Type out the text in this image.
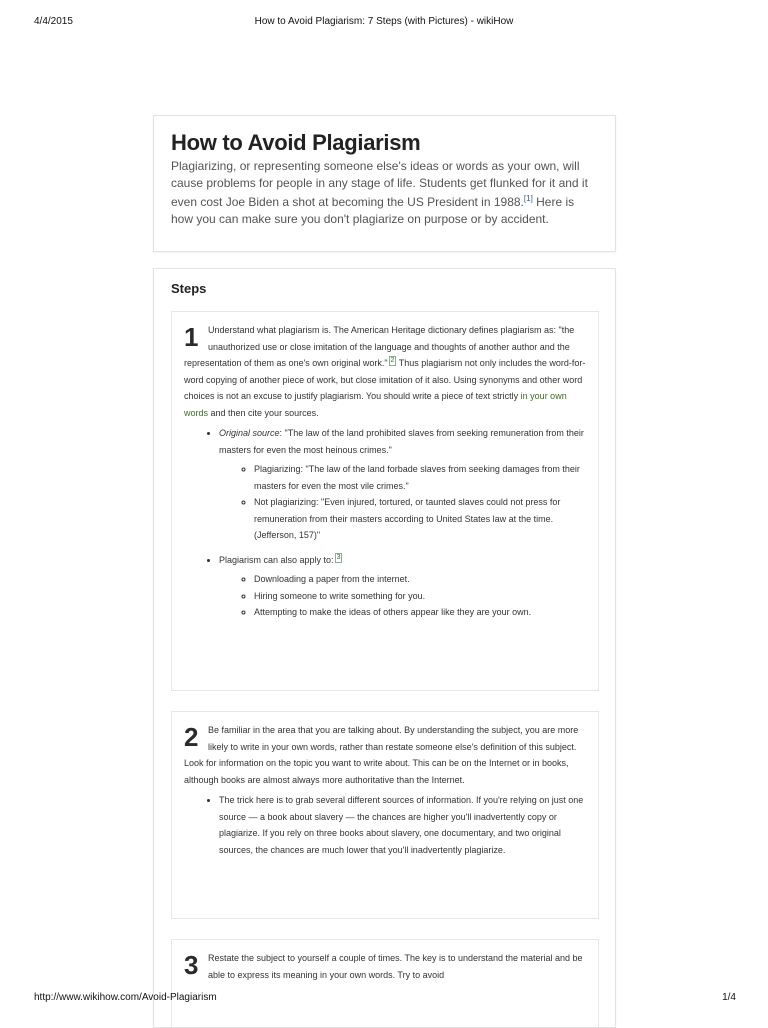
4/4/2015	How to Avoid Plagiarism: 7 Steps (with Pictures) - wikiHow
How to Avoid Plagiarism

Plagiarizing, or representing someone else's ideas or words as your own, will cause problems for people in any stage of life. Students get flunked for it and it even cost Joe Biden a shot at becoming the US President in 1988.[1] Here is how you can make sure you don't plagiarize on purpose or by accident.

Steps
1	Understand what plagiarism is. The American Heritage dictionary defines plagiarism as: "the unauthorized use or close imitation of the language and thoughts of another author and the representation of them as one's own original work." 2 Thus plagiarism not only includes the word-for-word copying of another piece of work, but close imitation of it also. Using synonyms and other word choices is not an excuse to justify plagiarism. You should write a piece of text strictly in your own words and then cite your sources.

• Original source: "The law of the land prohibited slaves from seeking remuneration from their masters for even the most heinous crimes."
◦ Plagiarizing: "The law of the land forbade slaves from seeking damages from their masters for even the most vile crimes."
◦ Not plagiarizing: "Even injured, tortured, or taunted slaves could not press for remuneration from their masters according to United States law at the time. (Jefferson, 157)"
• Plagiarism can also apply to: 3
◦ Downloading a paper from the internet.
◦ Hiring someone to write something for you.
◦ Attempting to make the ideas of others appear like they are your own.
2	Be familiar in the area that you are talking about. By understanding the subject, you are more likely to write in your own words, rather than restate someone else's definition of this subject. Look for information on the topic you want to write about. This can be on the Internet or in books, although books are almost always more authoritative than the Internet.

• The trick here is to grab several different sources of information. If you're relying on just one source — a book about slavery — the chances are higher you'll inadvertently copy or plagiarize. If you rely on three books about slavery, one documentary, and two original sources, the chances are much lower that you'll inadvertently plagiarize.
3	Restate the subject to yourself a couple of times. The key is to understand the material and be able to express its meaning in your own words. Try to avoid

http://www.wikihow.com/Avoid-Plagiarism	1/4
